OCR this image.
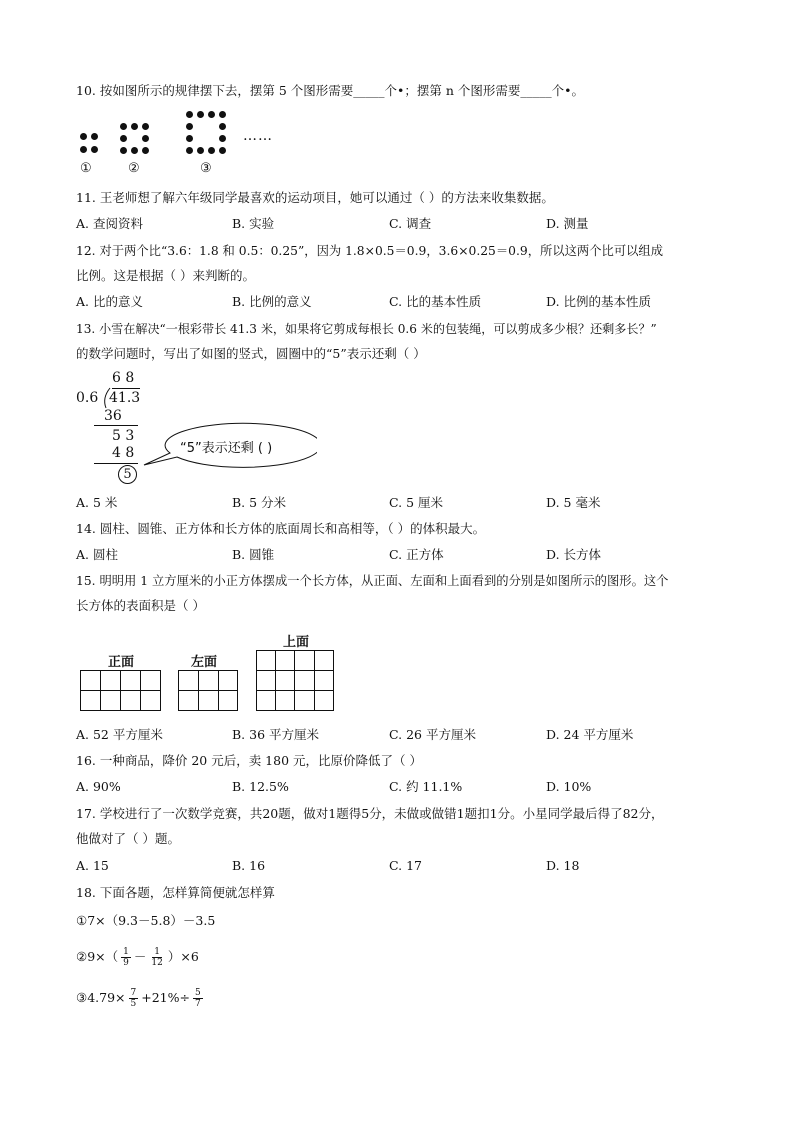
10. 按如图所示的规律摆下去，摆第 5 个图形需要_____个•；摆第 n 个图形需要_____个•。
……
①	②	③
11. 王老师想了解六年级同学最喜欢的运动项目，她可以通过（ ）的方法来收集数据。
A. 查阅资料	B. 实验	C. 调查	D. 测量
12. 对于两个比“3.6：1.8 和 0.5：0.25”，因为 1.8×0.5＝0.9，3.6×0.25＝0.9，所以这两个比可以组成
比例。这是根据（ ）来判断的。
A. 比的意义	B. 比例的意义	C. 比的基本性质	D. 比例的基本性质
13. 小雪在解决“一根彩带长 41.3 米，如果将它剪成每根长 0.6 米的包装绳，可以剪成多少根？还剩多长？”
的数学问题时，写出了如图的竖式，圆圈中的“5”表示还剩（ ）
6 8
0.6 41.3
36
5 3
4 8
5
“5”表示还剩 ( )
A. 5 米	B. 5 分米	C. 5 厘米	D. 5 毫米
14. 圆柱、圆锥、正方体和长方体的底面周长和高相等，（ ）的体积最大。
A. 圆柱	B. 圆锥	C. 正方体	D. 长方体
15. 明明用 1 立方厘米的小正方体摆成一个长方体，从正面、左面和上面看到的分别是如图所示的图形。这个
长方体的表面积是（ ）
正面	左面
上面
A. 52 平方厘米	B. 36 平方厘米	C. 26 平方厘米	D. 24 平方厘米
16. 一种商品，降价 20 元后，卖 180 元，比原价降低了（ ）
A. 90%	B. 12.5%	C. 约 11.1%	D. 10%
17. 学校进行了一次数学竞赛，共20题，做对1题得5分，未做或做错1题扣1分。小星同学最后得了82分，
他做对了（ ）题。
A. 15	B. 16	C. 17	D. 18
18. 下面各题，怎样算简便就怎样算
①7×（9.3－5.8）－3.5
②9×（ $\frac{1}{9} - \frac{1}{12} )\times 6$
③4.79× $\frac{7}{5} +21\%\div \frac{5}{7}$
